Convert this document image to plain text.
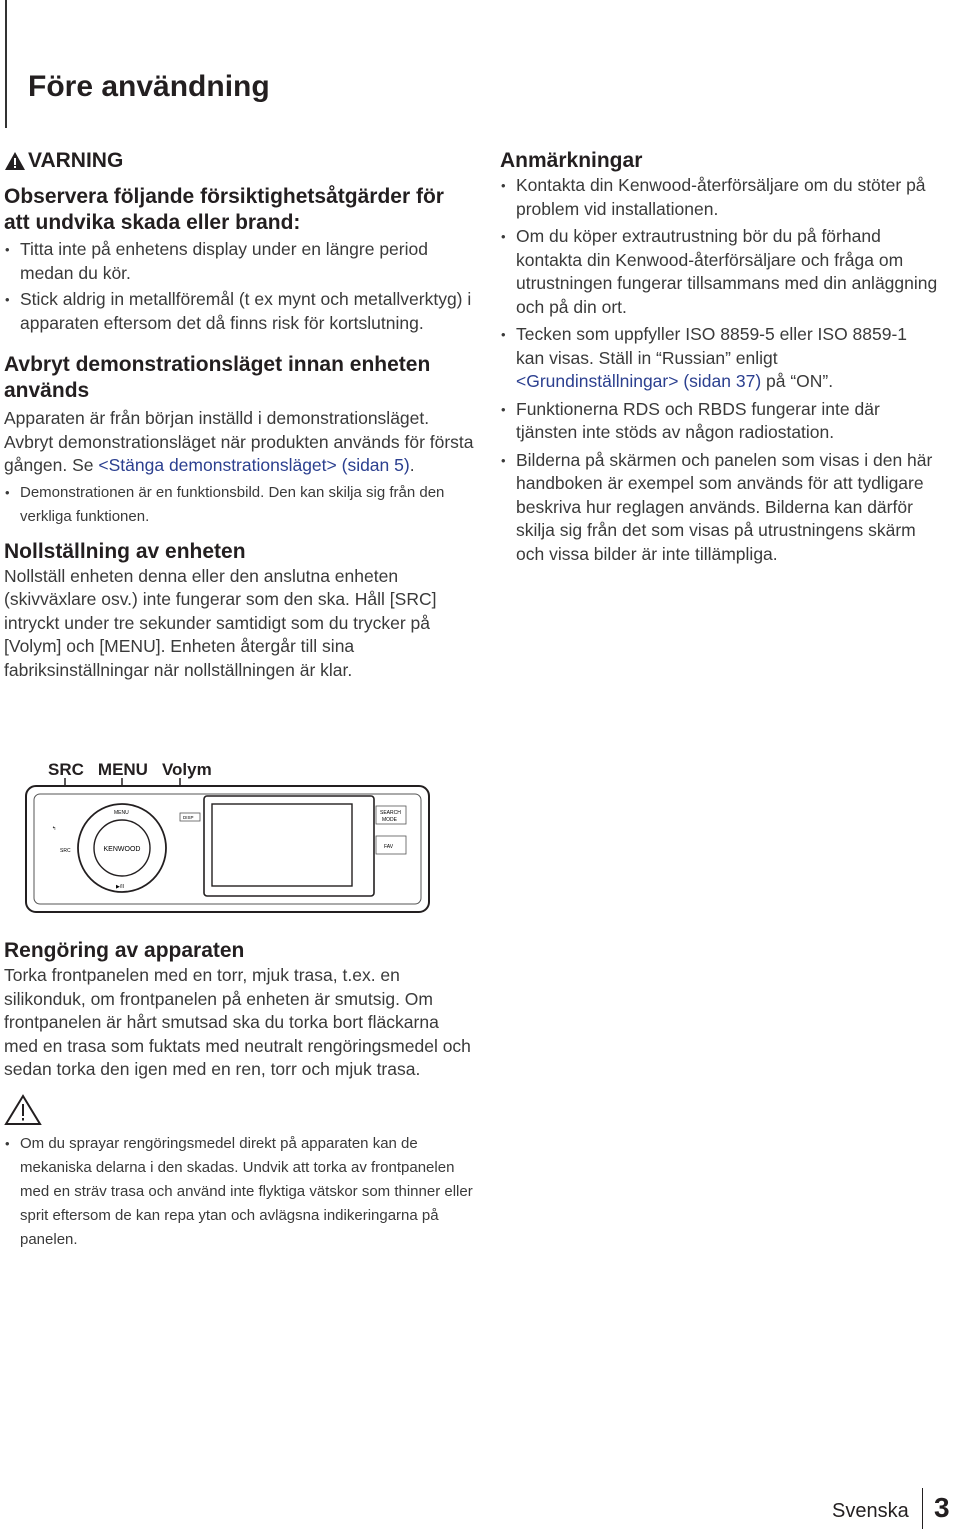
Före användning
VARNING
Observera följande försiktighetsåtgärder för att undvika skada eller brand:
• Titta inte på enhetens display under en längre period medan du kör.
• Stick aldrig in metallföremål (t ex mynt och metallverktyg) i apparaten eftersom det då finns risk för kortslutning.
Avbryt demonstrationsläget innan enheten används

Apparaten är från början inställd i demonstrationsläget.

Avbryt demonstrationsläget när produkten används för första gången. Se <Stänga demonstrationsläget> (sidan 5).

• Demonstrationen är en funktionsbild. Den kan skilja sig från den verkliga funktionen.
Nollställning av enheten

Nollställ enheten denna eller den anslutna enheten (skivväxlare osv.) inte fungerar som den ska. Håll [SRC] intryckt under tre sekunder samtidigt som du trycker på [Volym] och [MENU]. Enheten återgår till sina fabriksinställningar när nollställningen är klar.

SRC MENU Volym
KENWOOD
MENU
DISP
SRC
▶/II
↰
SEARCH
MODE
FAV
Rengöring av apparaten

Torka frontpanelen med en torr, mjuk trasa, t.ex. en silikonduk, om frontpanelen på enheten är smutsig. Om frontpanelen är hårt smutsad ska du torka bort fläckarna med en trasa som fuktats med neutralt rengöringsmedel och sedan torka den igen med en ren, torr och mjuk trasa.

• Om du sprayar rengöringsmedel direkt på apparaten kan de mekaniska delarna i den skadas. Undvik att torka av frontpanelen med en sträv trasa och använd inte flyktiga vätskor som thinner eller sprit eftersom de kan repa ytan och avlägsna indikeringarna på panelen.
Anmärkningar
• Kontakta din Kenwood-återförsäljare om du stöter på problem vid installationen.
• Om du köper extrautrustning bör du på förhand kontakta din Kenwood-återförsäljare och fråga om utrustningen fungerar tillsammans med din anläggning och på din ort.
• Tecken som uppfyller ISO 8859-5 eller ISO 8859-1 kan visas. Ställ in “Russian” enligt <Grundinställningar> (sidan 37) på “ON”.
• Funktionerna RDS och RBDS fungerar inte där tjänsten inte stöds av någon radiostation.
• Bilderna på skärmen och panelen som visas i den här handboken är exempel som används för att tydligare beskriva hur reglagen används. Bilderna kan därför skilja sig från det som visas på utrustningens skärm och vissa bilder är inte tillämpliga.
Svenska 3
